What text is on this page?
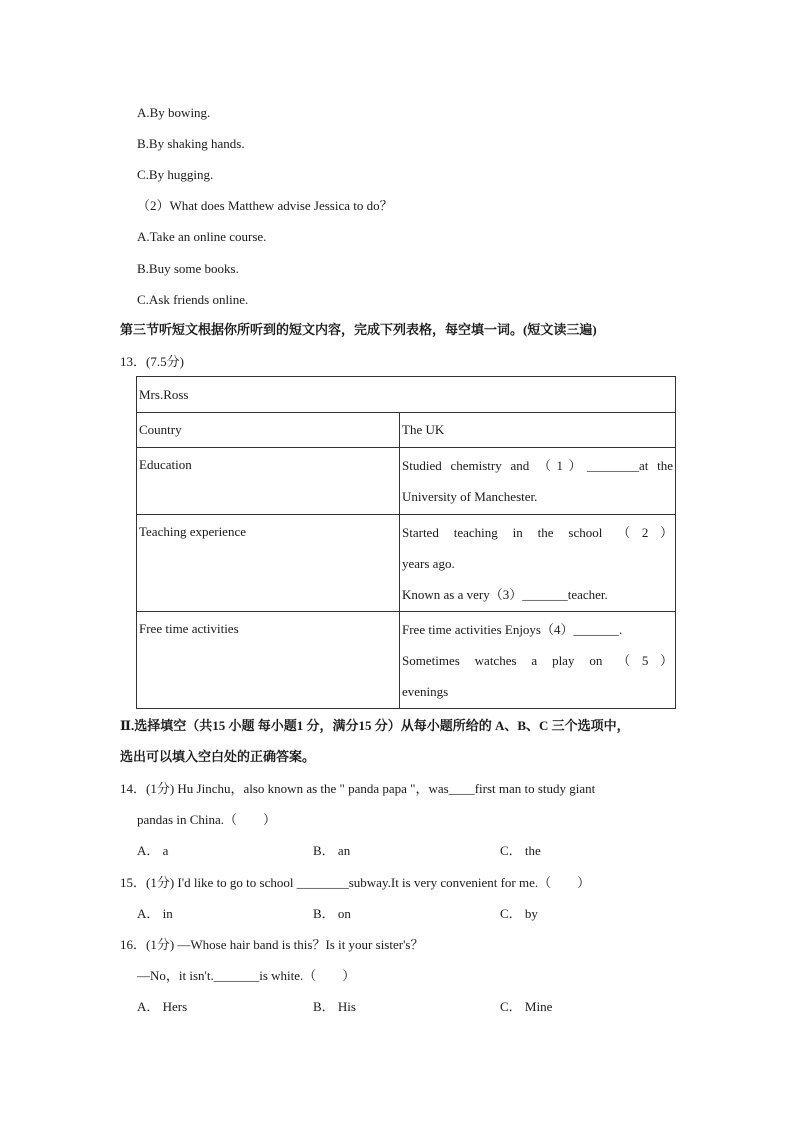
A.By bowing.
B.By shaking hands.
C.By hugging.
（2）What does Matthew advise Jessica to do？
A.Take an online course.
B.Buy some books.
C.Ask friends online.
第三节听短文根据你所听到的短文内容，完成下列表格，每空填一词。(短文读三遍)
13．(7.5分)
Mrs.Ross	
Country	The UK
Education	Studied chemistry and （1）________at the
University of Manchester.

Teaching experience	Started teaching in the school （2）
years ago.
Known as a very（3）_______teacher.

Free time activities	Free time activities Enjoys（4）_______.
Sometimes watches a play on （5）
evenings
Ⅱ.选择填空（共15 小题 每小题1 分，满分15 分）从每小题所给的 A、B、C 三个选项中，
选出可以填入空白处的正确答案。
14．(1分) Hu Jinchu，also known as the " panda papa "，was____first man to study giant
pandas in China.（　　）
A． a	B． an	C． the
15．(1分) I'd like to go to school ________subway.It is very convenient for me.（　　）
A． in	B． on	C． by
16．(1分) —Whose hair band is this？Is it your sister's？
—No，it isn't._______is white.（　　）
A． Hers	B． His	C． Mine
